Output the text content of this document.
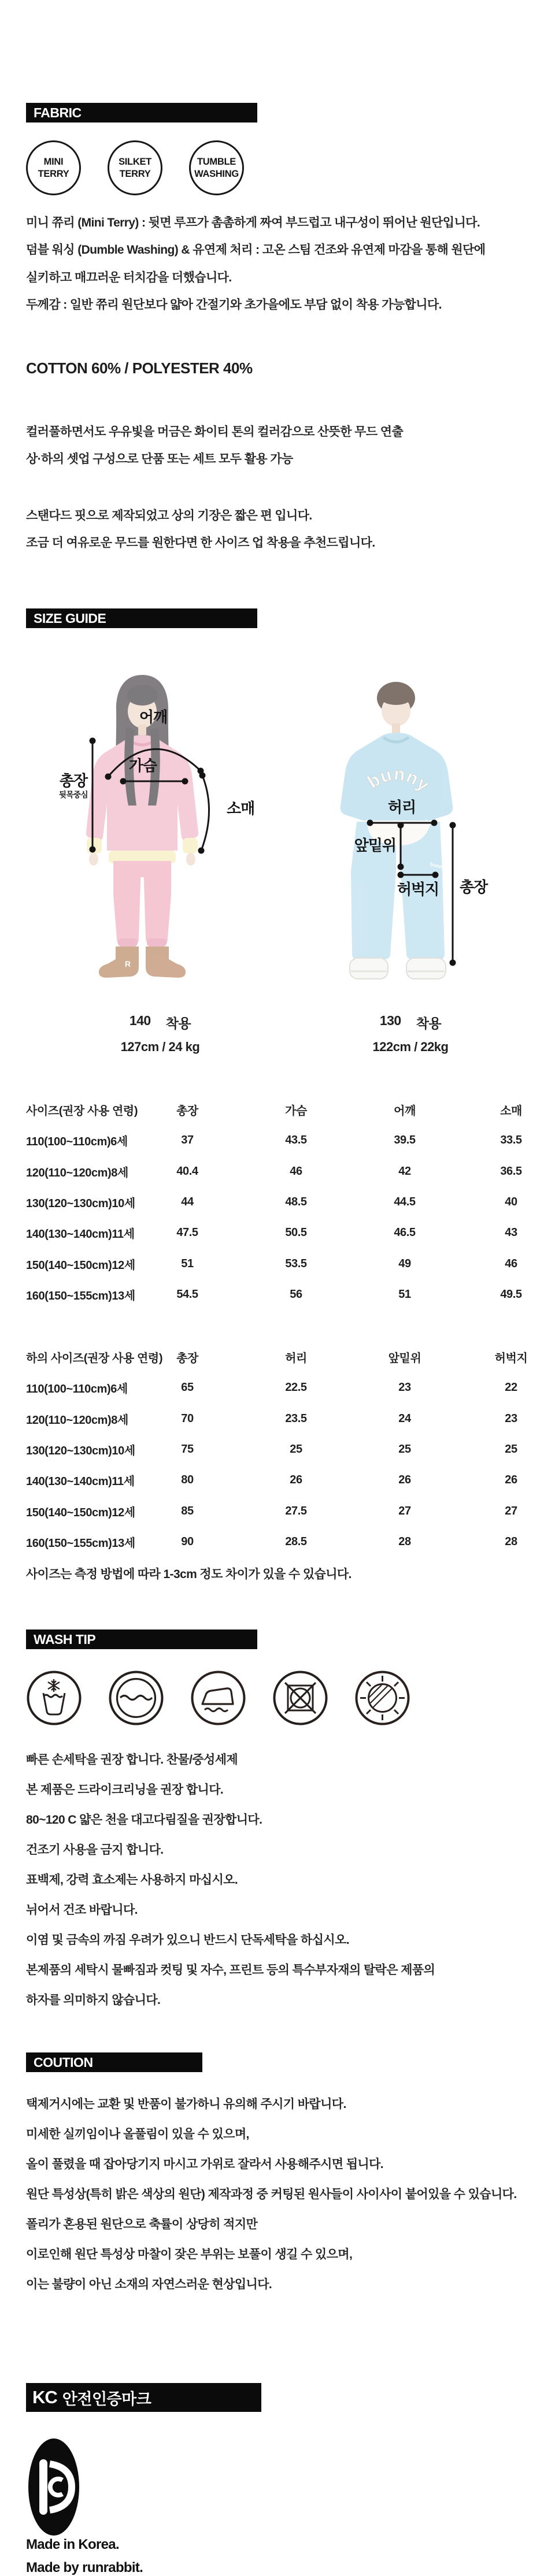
FABRIC
MINI
TERRY
SILKET
TERRY
TUMBLE
WASHING
미니 쮸리 (Mini Terry) : 뒷면 루프가 촘촘하게 짜여 부드럽고 내구성이 뛰어난 원단입니다.
덤블 워싱 (Dumble Washing) & 유연제 처리 : 고온 스팀 건조와 유연제 마감을 통해 원단에
실키하고 매끄러운 터치감을 더했습니다.
두께감 : 일반 쮸리 원단보다 얇아 간절기와 초가을에도 부담 없이 착용 가능합니다.
COTTON 60% / POLYESTER 40%
컬러풀하면서도 우유빛을 머금은 화이티 톤의 컬러감으로 산뜻한 무드 연출
상·하의 셋업 구성으로 단품 또는 세트 모두 활용 가능
스탠다드 핏으로 제작되었고 상의 기장은 짧은 편 입니다.
조금 더 여유로운 무드를 원한다면 한 사이즈 업 착용을 추천드립니다.
SIZE GUIDE
R
어깨
가슴
총장
뒷목중심
소매
bunny
bunny
허리
앞밑위
허벅지 총장
140 착용
127cm / 24 kg
130 착용
122cm / 22kg
사이즈(권장 사용 연령)	총장	가슴	어깨	소매
110(100~110cm)6세	37	43.5	39.5	33.5
120(110~120cm)8세	40.4	46	42	36.5
130(120~130cm)10세	44	48.5	44.5	40
140(130~140cm)11세	47.5	50.5	46.5	43
150(140~150cm)12세	51	53.5	49	46
160(150~155cm)13세	54.5	56	51	49.5
하의 사이즈(권장 사용 연령)	총장	허리	앞밑위	허벅지
110(100~110cm)6세	65	22.5	23	22
120(110~120cm)8세	70	23.5	24	23
130(120~130cm)10세	75	25	25	25
140(130~140cm)11세	80	26	26	26
150(140~150cm)12세	85	27.5	27	27
160(150~155cm)13세	90	28.5	28	28
사이즈는 측정 방법에 따라 1-3cm 정도 차이가 있을 수 있습니다.
WASH TIP
빠른 손세탁을 권장 합니다. 찬물/중성세제
본 제품은 드라이크리닝을 권장 합니다.
80~120 C 얇은 천을 대고다림질을 권장합니다.
건조기 사용을 금지 합니다.
표백제, 강력 효소제는 사용하지 마십시오.
뉘어서 건조 바랍니다.
이염 및 금속의 까짐 우려가 있으니 반드시 단독세탁을 하십시오.
본제품의 세탁시 물빠짐과 컷팅 및 자수, 프린트 등의 특수부자재의 탈락은 제품의
하자를 의미하지 않습니다.
COUTION
택제거시에는 교환 및 반품이 불가하니 유의해 주시기 바랍니다.
미세한 실끼임이나 올풀림이 있을 수 있으며,
올이 풀렸을 때 잡아당기지 마시고 가위로 잘라서 사용해주시면 됩니다.
원단 특성상(특히 밝은 색상의 원단) 제작과정 중 커팅된 원사들이 사이사이 붙어있을 수 있습니다.
폴리가 혼용된 원단으로 축률이 상당히 적지만
이로인해 원단 특성상 마찰이 잦은 부위는 보풀이 생길 수 있으며,
이는 불량이 아닌 소재의 자연스러운 현상입니다.
KC 안전인증마크
Made in Korea.
Made by runrabbit.
